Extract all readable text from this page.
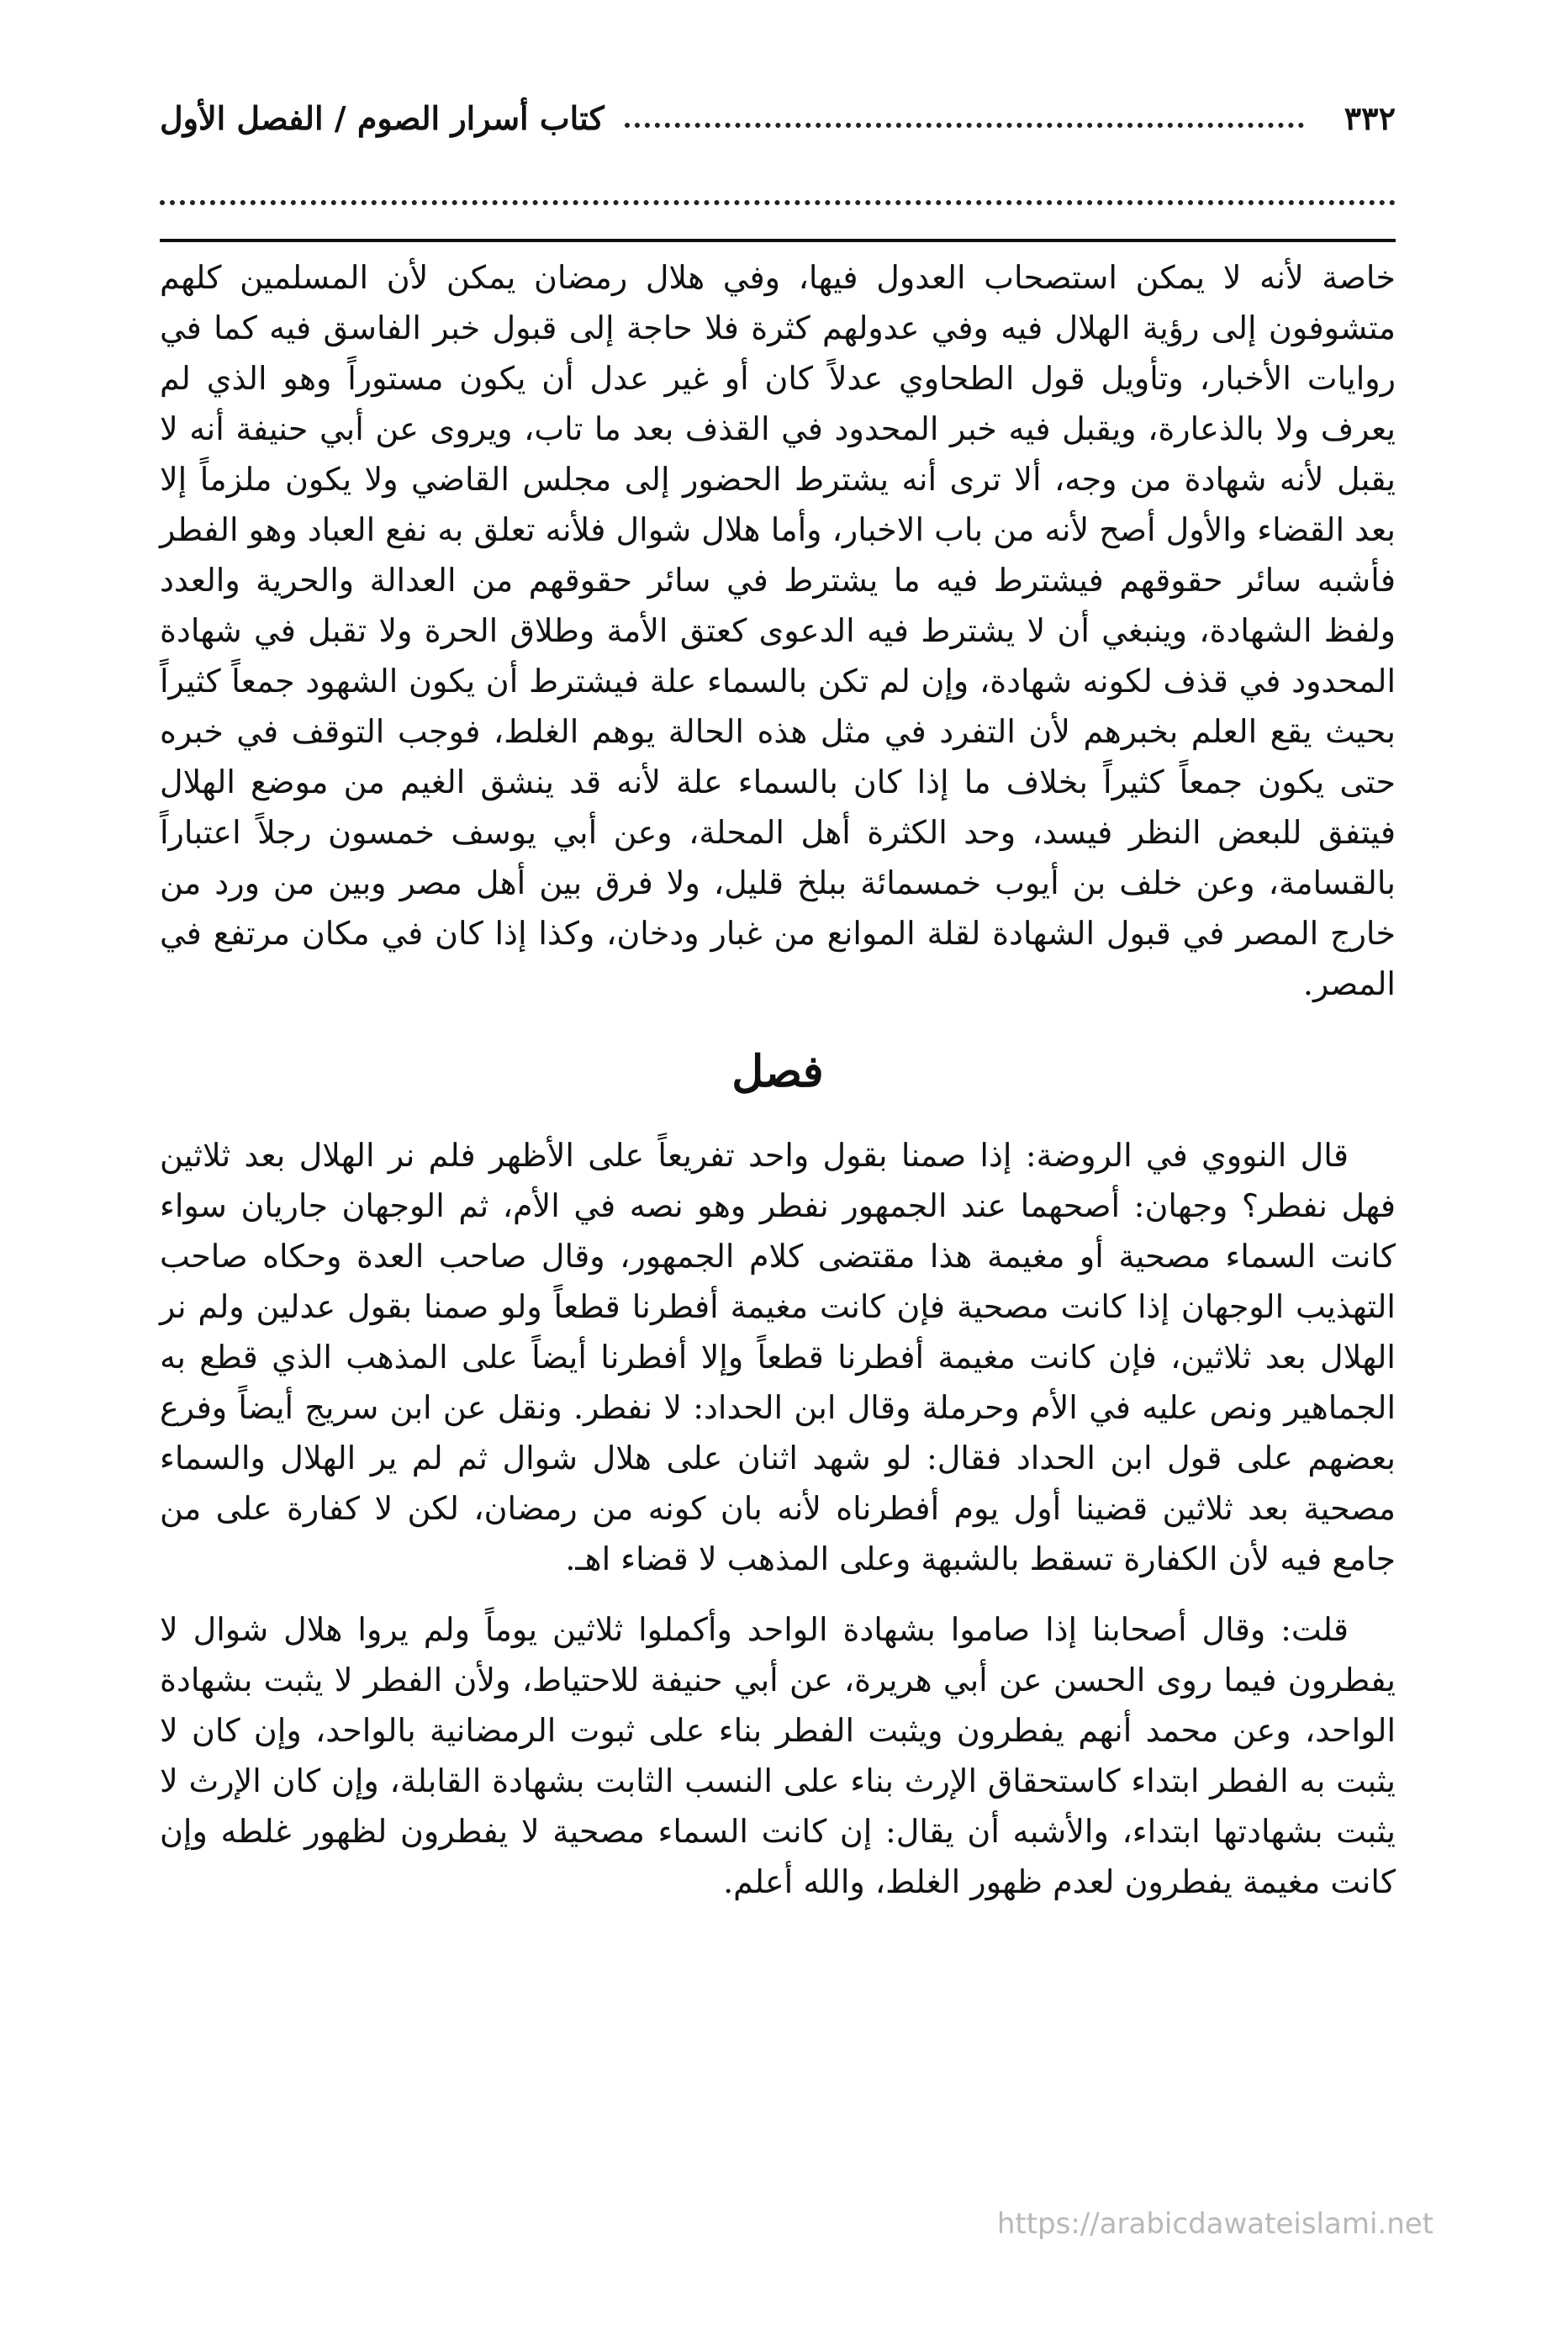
٣٣٢
كتاب أسرار الصوم / الفصل الأول

خاصة لأنه لا يمكن استصحاب العدول فيها، وفي هلال رمضان يمكن لأن المسلمين كلهم متشوفون إلى رؤية الهلال فيه وفي عدولهم كثرة فلا حاجة إلى قبول خبر الفاسق فيه كما في روايات الأخبار، وتأويل قول الطحاوي عدلاً كان أو غير عدل أن يكون مستوراً وهو الذي لم يعرف ولا بالذعارة، ويقبل فيه خبر المحدود في القذف بعد ما تاب، ويروى عن أبي حنيفة أنه لا يقبل لأنه شهادة من وجه، ألا ترى أنه يشترط الحضور إلى مجلس القاضي ولا يكون ملزماً إلا بعد القضاء والأول أصح لأنه من باب الاخبار، وأما هلال شوال فلأنه تعلق به نفع العباد وهو الفطر فأشبه سائر حقوقهم فيشترط فيه ما يشترط في سائر حقوقهم من العدالة والحرية والعدد ولفظ الشهادة، وينبغي أن لا يشترط فيه الدعوى كعتق الأمة وطلاق الحرة ولا تقبل في شهادة المحدود في قذف لكونه شهادة، وإن لم تكن بالسماء علة فيشترط أن يكون الشهود جمعاً كثيراً بحيث يقع العلم بخبرهم لأن التفرد في مثل هذه الحالة يوهم الغلط، فوجب التوقف في خبره حتى يكون جمعاً كثيراً بخلاف ما إذا كان بالسماء علة لأنه قد ينشق الغيم من موضع الهلال فيتفق للبعض النظر فيسد، وحد الكثرة أهل المحلة، وعن أبي يوسف خمسون رجلاً اعتباراً بالقسامة، وعن خلف بن أيوب خمسمائة ببلخ قليل، ولا فرق بين أهل مصر وبين من ورد من خارج المصر في قبول الشهادة لقلة الموانع من غبار ودخان، وكذا إذا كان في مكان مرتفع في المصر.

فصل

قال النووي في الروضة: إذا صمنا بقول واحد تفريعاً على الأظهر فلم نر الهلال بعد ثلاثين فهل نفطر؟ وجهان: أصحهما عند الجمهور نفطر وهو نصه في الأم، ثم الوجهان جاريان سواء كانت السماء مصحية أو مغيمة هذا مقتضى كلام الجمهور، وقال صاحب العدة وحكاه صاحب التهذيب الوجهان إذا كانت مصحية فإن كانت مغيمة أفطرنا قطعاً ولو صمنا بقول عدلين ولم نر الهلال بعد ثلاثين، فإن كانت مغيمة أفطرنا قطعاً وإلا أفطرنا أيضاً على المذهب الذي قطع به الجماهير ونص عليه في الأم وحرملة وقال ابن الحداد: لا نفطر. ونقل عن ابن سريج أيضاً وفرع بعضهم على قول ابن الحداد فقال: لو شهد اثنان على هلال شوال ثم لم ير الهلال والسماء مصحية بعد ثلاثين قضينا أول يوم أفطرناه لأنه بان كونه من رمضان، لكن لا كفارة على من جامع فيه لأن الكفارة تسقط بالشبهة وعلى المذهب لا قضاء اهـ.

قلت: وقال أصحابنا إذا صاموا بشهادة الواحد وأكملوا ثلاثين يوماً ولم يروا هلال شوال لا يفطرون فيما روى الحسن عن أبي هريرة، عن أبي حنيفة للاحتياط، ولأن الفطر لا يثبت بشهادة الواحد، وعن محمد أنهم يفطرون ويثبت الفطر بناء على ثبوت الرمضانية بالواحد، وإن كان لا يثبت به الفطر ابتداء كاستحقاق الإرث بناء على النسب الثابت بشهادة القابلة، وإن كان الإرث لا يثبت بشهادتها ابتداء، والأشبه أن يقال: إن كانت السماء مصحية لا يفطرون لظهور غلطه وإن كانت مغيمة يفطرون لعدم ظهور الغلط، والله أعلم.

https://arabicdawateislami.net
